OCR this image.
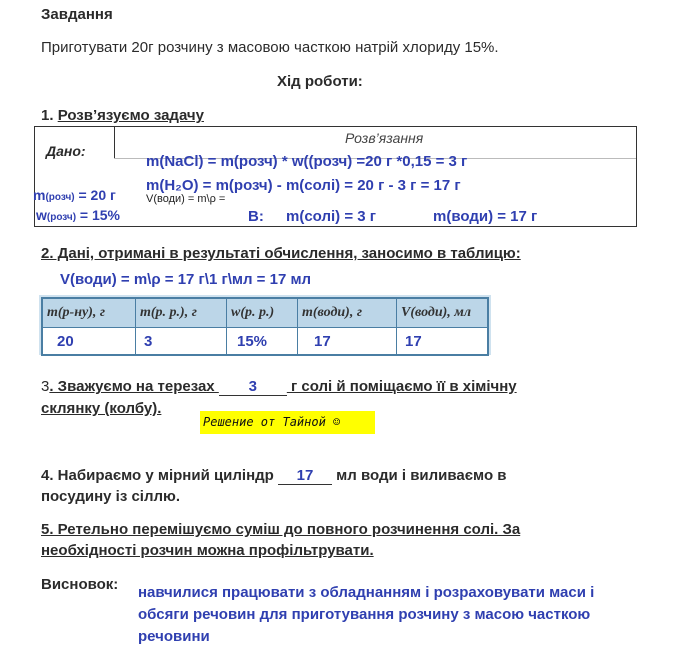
Завдання
Приготувати 20г розчину з масовою часткою натрій хлориду 15%.
Хід роботи:
1. Розв’язуємо задачу
Дано:
Розв’язання
m(розч) = 20 г
w(розч) = 15%
m(NaCl) = m(розч) * w((розч) =20 г *0,15 = 3 г
m(H₂O) = m(розч) - m(солі) = 20 г - 3 г = 17 г
V(води) = m\ρ =
В: m(солі) = 3 г	m(води) = 17 г
2. Дані, отримані в результаті обчислення, заносимо в таблицю:
V(води) = m\ρ = 17 г\1 г\мл = 17 мл
m(р-ну), г	m(р. р.), г	w(р. р.)	m(води), г	V(води), мл
20	3	15%	17	17
3. Зважуємо на терезах 3 г солі й поміщаємо її в хімічну
склянку (колбу).
Решение от Тайной ☺
4. Набираємо у мірний циліндр 17 мл води і виливаємо в
посудину із сіллю.
5. Ретельно перемішуємо суміш до повного розчинення солі. За
необхідності розчин можна профільтрувати.
Висновок: навчилися працювати з обладнанням і розраховувати маси і
обсяги речовин для приготування розчину з масою часткою
речовини
